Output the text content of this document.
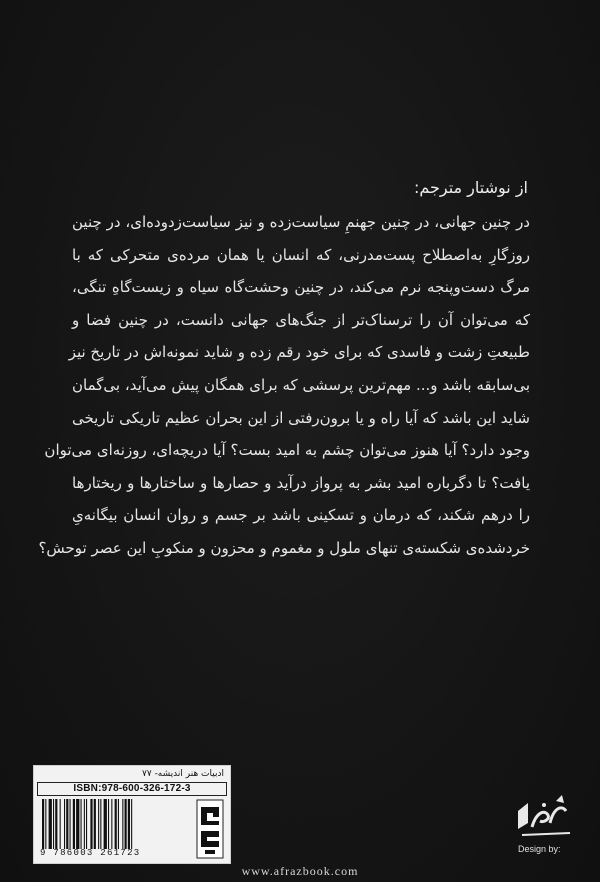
از نوشتار مترجم:
در چنین جهانی، در چنین جهنمِ سیاست‌زده و نیز سیاست‌زدوده‌ای، در چنین
روزگارِ به‌اصطلاح پست‌مدرنی، که انسان یا همان مرده‌ی متحرکی که با
مرگ دست‌وپنجه نرم می‌کند، در چنین وحشت‌گاه سیاه و زیست‌گاهِ تنگی،
که می‌توان آن را ترسناک‌تر از جنگ‌های جهانی دانست، در چنین فضا و
طبیعتِ زشت و فاسدی که برای خود رقم زده و شاید نمونه‌اش در تاریخ نیز
بی‌سابقه باشد و... مهم‌ترین پرسشی که برای همگان پیش می‌آید، بی‌گمان
شاید این باشد که آیا راه و یا برون‌رفتی از این بحران عظیم تاریکی تاریخی
وجود دارد؟ آیا هنوز می‌توان چشم به امید بست؟ آیا دریچه‌ای، روزنه‌ای می‌توان
یافت؟ تا دگرباره امید بشر به پرواز درآید و حصارها و ساختارها و ریختارها
را درهم شکند، که درمان و تسکینی باشد بر جسم و روان انسان بیگانه‌یِ
خردشده‌ی شکسته‌ی تنهای ملول و مغموم و محزون و منکوبِ این عصر توحش؟
ادبیات هنر اندیشه- ۷۷
ISBN:978-600-326-172-3
9 786003 261723	Design by:
www.afrazbook.com
